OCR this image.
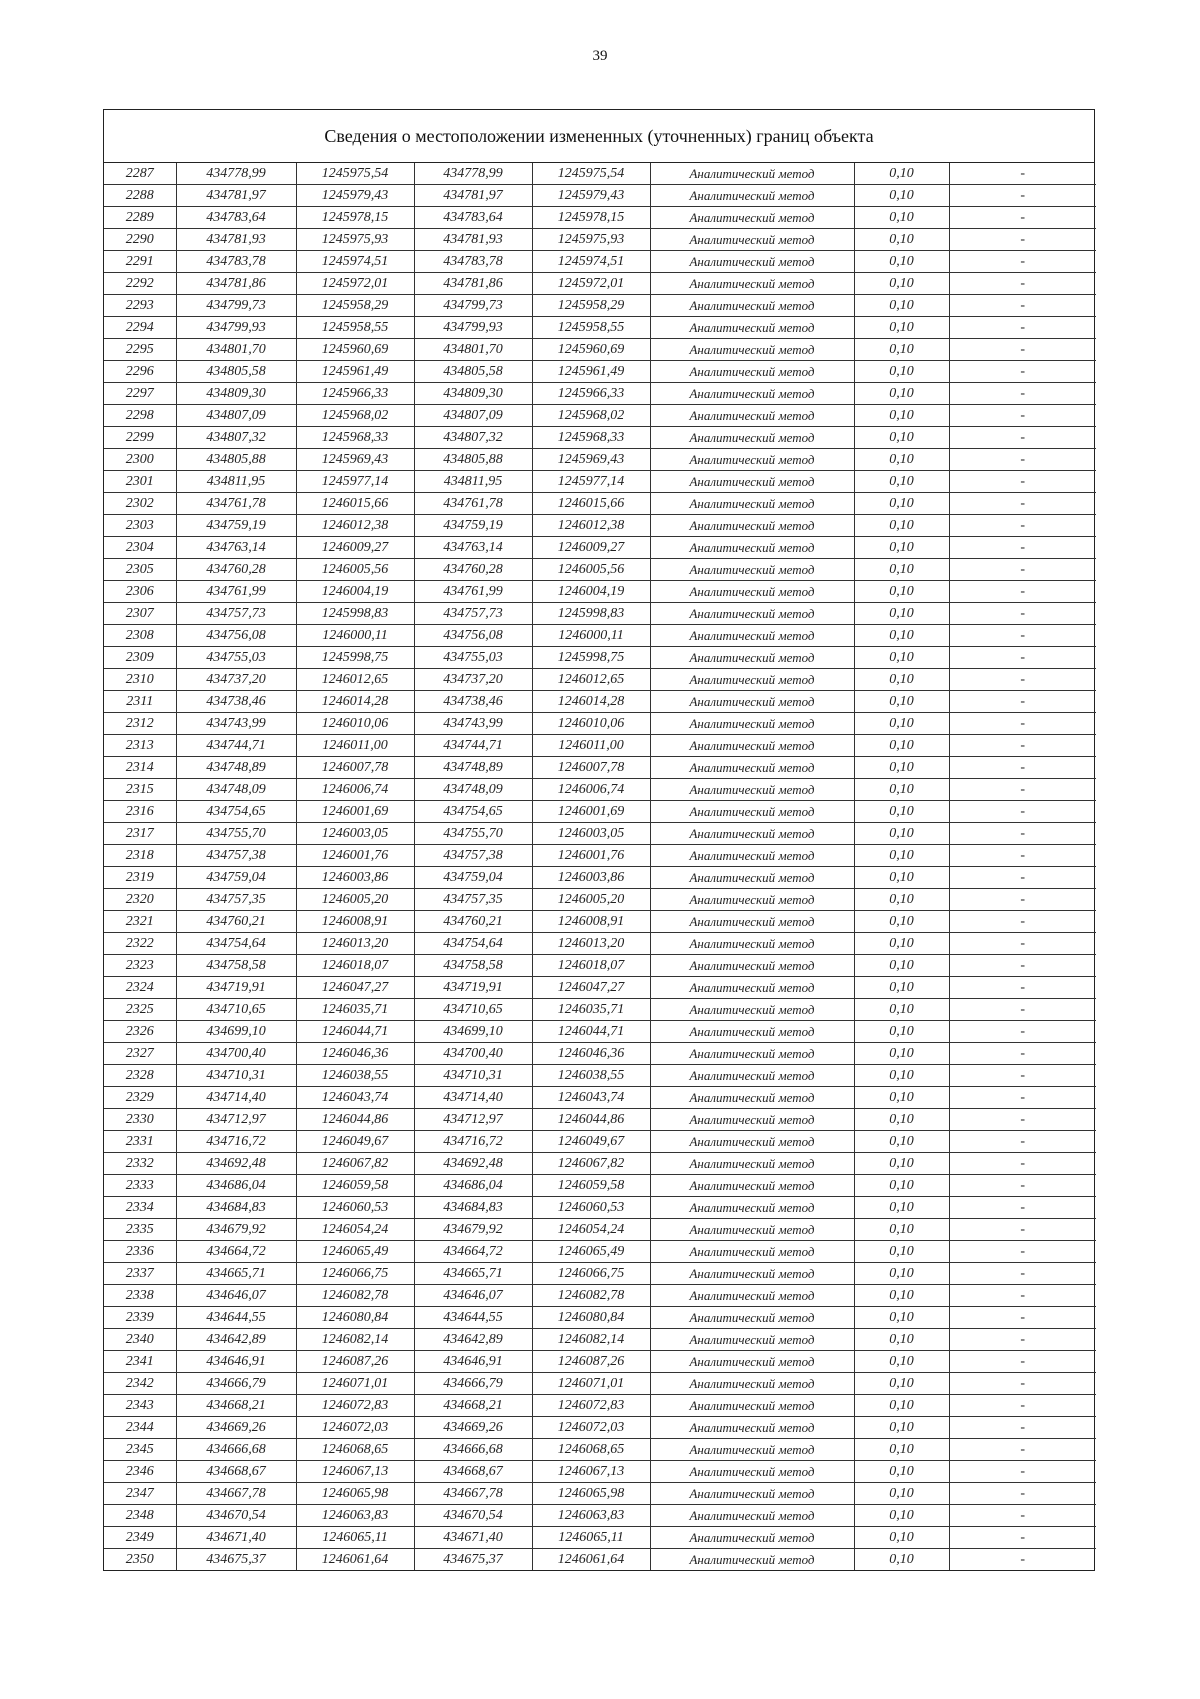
39
Сведения о местоположении измененных (уточненных) границ объекта
2287	434778,99	1245975,54	434778,99	1245975,54	Аналитический метод	0,10	-
2288	434781,97	1245979,43	434781,97	1245979,43	Аналитический метод	0,10	-
2289	434783,64	1245978,15	434783,64	1245978,15	Аналитический метод	0,10	-
2290	434781,93	1245975,93	434781,93	1245975,93	Аналитический метод	0,10	-
2291	434783,78	1245974,51	434783,78	1245974,51	Аналитический метод	0,10	-
2292	434781,86	1245972,01	434781,86	1245972,01	Аналитический метод	0,10	-
2293	434799,73	1245958,29	434799,73	1245958,29	Аналитический метод	0,10	-
2294	434799,93	1245958,55	434799,93	1245958,55	Аналитический метод	0,10	-
2295	434801,70	1245960,69	434801,70	1245960,69	Аналитический метод	0,10	-
2296	434805,58	1245961,49	434805,58	1245961,49	Аналитический метод	0,10	-
2297	434809,30	1245966,33	434809,30	1245966,33	Аналитический метод	0,10	-
2298	434807,09	1245968,02	434807,09	1245968,02	Аналитический метод	0,10	-
2299	434807,32	1245968,33	434807,32	1245968,33	Аналитический метод	0,10	-
2300	434805,88	1245969,43	434805,88	1245969,43	Аналитический метод	0,10	-
2301	434811,95	1245977,14	434811,95	1245977,14	Аналитический метод	0,10	-
2302	434761,78	1246015,66	434761,78	1246015,66	Аналитический метод	0,10	-
2303	434759,19	1246012,38	434759,19	1246012,38	Аналитический метод	0,10	-
2304	434763,14	1246009,27	434763,14	1246009,27	Аналитический метод	0,10	-
2305	434760,28	1246005,56	434760,28	1246005,56	Аналитический метод	0,10	-
2306	434761,99	1246004,19	434761,99	1246004,19	Аналитический метод	0,10	-
2307	434757,73	1245998,83	434757,73	1245998,83	Аналитический метод	0,10	-
2308	434756,08	1246000,11	434756,08	1246000,11	Аналитический метод	0,10	-
2309	434755,03	1245998,75	434755,03	1245998,75	Аналитический метод	0,10	-
2310	434737,20	1246012,65	434737,20	1246012,65	Аналитический метод	0,10	-
2311	434738,46	1246014,28	434738,46	1246014,28	Аналитический метод	0,10	-
2312	434743,99	1246010,06	434743,99	1246010,06	Аналитический метод	0,10	-
2313	434744,71	1246011,00	434744,71	1246011,00	Аналитический метод	0,10	-
2314	434748,89	1246007,78	434748,89	1246007,78	Аналитический метод	0,10	-
2315	434748,09	1246006,74	434748,09	1246006,74	Аналитический метод	0,10	-
2316	434754,65	1246001,69	434754,65	1246001,69	Аналитический метод	0,10	-
2317	434755,70	1246003,05	434755,70	1246003,05	Аналитический метод	0,10	-
2318	434757,38	1246001,76	434757,38	1246001,76	Аналитический метод	0,10	-
2319	434759,04	1246003,86	434759,04	1246003,86	Аналитический метод	0,10	-
2320	434757,35	1246005,20	434757,35	1246005,20	Аналитический метод	0,10	-
2321	434760,21	1246008,91	434760,21	1246008,91	Аналитический метод	0,10	-
2322	434754,64	1246013,20	434754,64	1246013,20	Аналитический метод	0,10	-
2323	434758,58	1246018,07	434758,58	1246018,07	Аналитический метод	0,10	-
2324	434719,91	1246047,27	434719,91	1246047,27	Аналитический метод	0,10	-
2325	434710,65	1246035,71	434710,65	1246035,71	Аналитический метод	0,10	-
2326	434699,10	1246044,71	434699,10	1246044,71	Аналитический метод	0,10	-
2327	434700,40	1246046,36	434700,40	1246046,36	Аналитический метод	0,10	-
2328	434710,31	1246038,55	434710,31	1246038,55	Аналитический метод	0,10	-
2329	434714,40	1246043,74	434714,40	1246043,74	Аналитический метод	0,10	-
2330	434712,97	1246044,86	434712,97	1246044,86	Аналитический метод	0,10	-
2331	434716,72	1246049,67	434716,72	1246049,67	Аналитический метод	0,10	-
2332	434692,48	1246067,82	434692,48	1246067,82	Аналитический метод	0,10	-
2333	434686,04	1246059,58	434686,04	1246059,58	Аналитический метод	0,10	-
2334	434684,83	1246060,53	434684,83	1246060,53	Аналитический метод	0,10	-
2335	434679,92	1246054,24	434679,92	1246054,24	Аналитический метод	0,10	-
2336	434664,72	1246065,49	434664,72	1246065,49	Аналитический метод	0,10	-
2337	434665,71	1246066,75	434665,71	1246066,75	Аналитический метод	0,10	-
2338	434646,07	1246082,78	434646,07	1246082,78	Аналитический метод	0,10	-
2339	434644,55	1246080,84	434644,55	1246080,84	Аналитический метод	0,10	-
2340	434642,89	1246082,14	434642,89	1246082,14	Аналитический метод	0,10	-
2341	434646,91	1246087,26	434646,91	1246087,26	Аналитический метод	0,10	-
2342	434666,79	1246071,01	434666,79	1246071,01	Аналитический метод	0,10	-
2343	434668,21	1246072,83	434668,21	1246072,83	Аналитический метод	0,10	-
2344	434669,26	1246072,03	434669,26	1246072,03	Аналитический метод	0,10	-
2345	434666,68	1246068,65	434666,68	1246068,65	Аналитический метод	0,10	-
2346	434668,67	1246067,13	434668,67	1246067,13	Аналитический метод	0,10	-
2347	434667,78	1246065,98	434667,78	1246065,98	Аналитический метод	0,10	-
2348	434670,54	1246063,83	434670,54	1246063,83	Аналитический метод	0,10	-
2349	434671,40	1246065,11	434671,40	1246065,11	Аналитический метод	0,10	-
2350	434675,37	1246061,64	434675,37	1246061,64	Аналитический метод	0,10	-
